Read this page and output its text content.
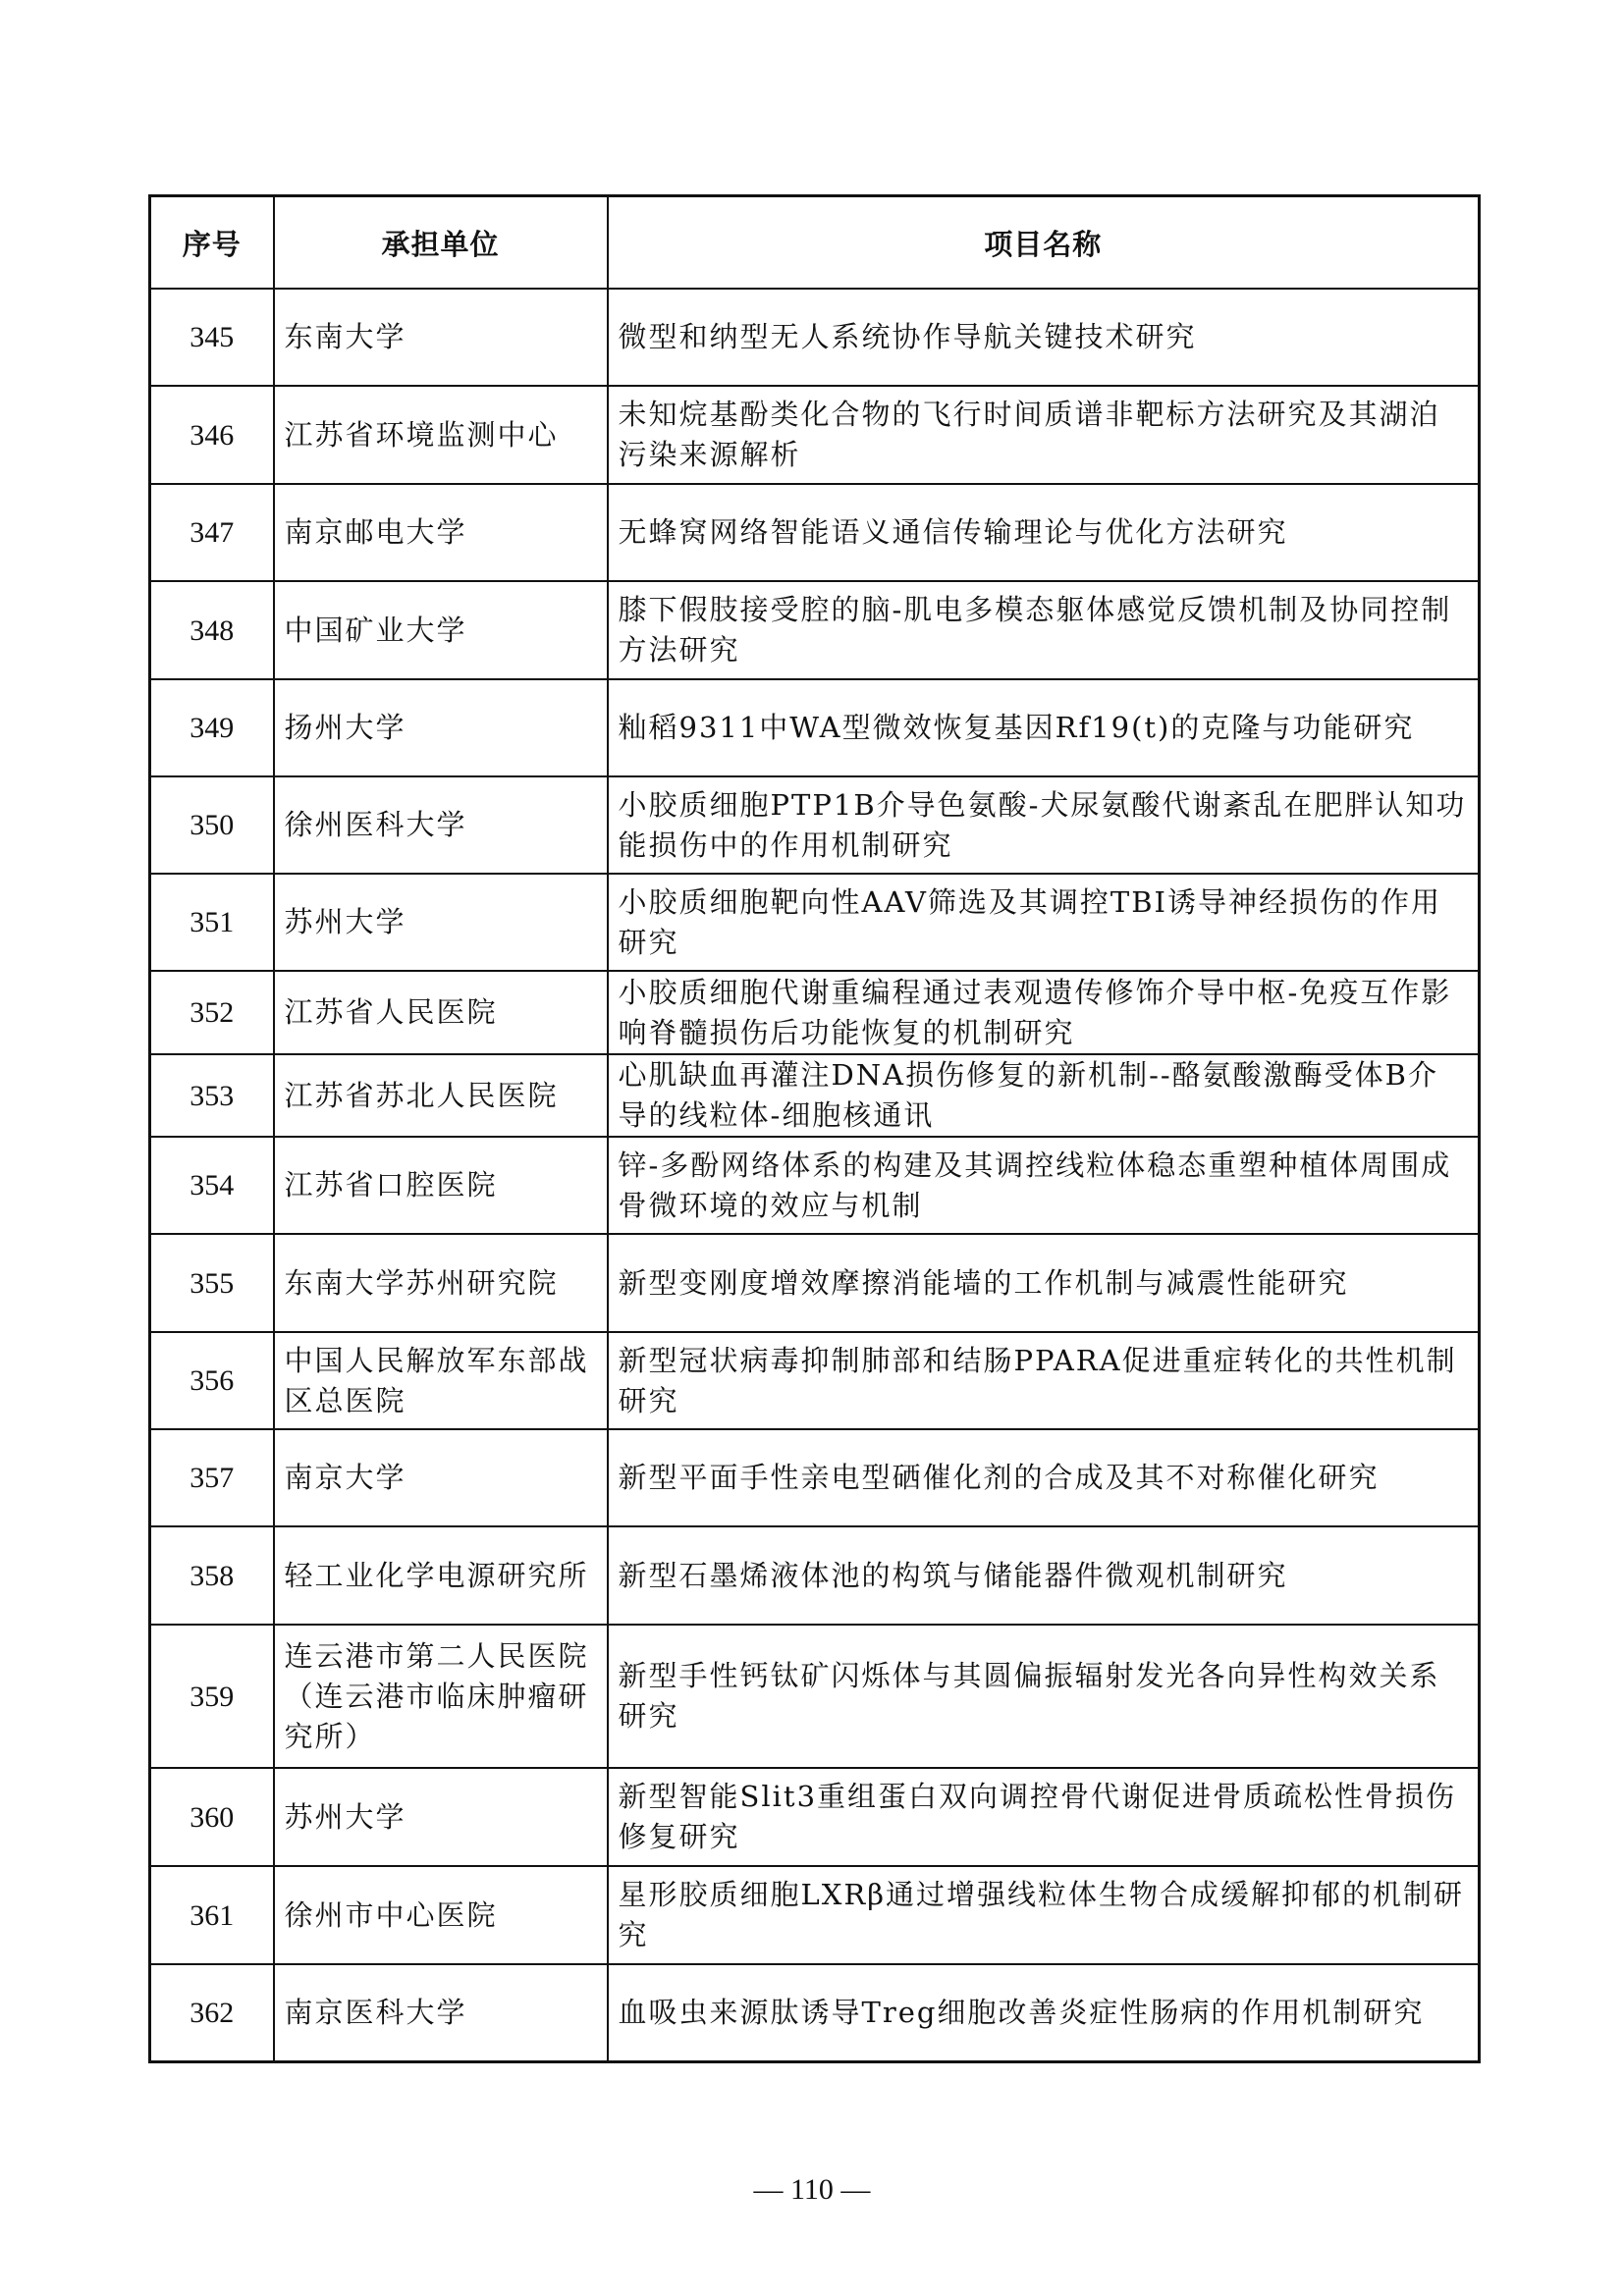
序号	承担单位	项目名称
345	东南大学	微型和纳型无人系统协作导航关键技术研究
346	江苏省环境监测中心	未知烷基酚类化合物的飞行时间质谱非靶标方法研究及其湖泊污染来源解析
347	南京邮电大学	无蜂窝网络智能语义通信传输理论与优化方法研究
348	中国矿业大学	膝下假肢接受腔的脑-肌电多模态躯体感觉反馈机制及协同控制方法研究
349	扬州大学	籼稻9311中WA型微效恢复基因Rf19(t)的克隆与功能研究
350	徐州医科大学	小胶质细胞PTP1B介导色氨酸-犬尿氨酸代谢紊乱在肥胖认知功能损伤中的作用机制研究
351	苏州大学	小胶质细胞靶向性AAV筛选及其调控TBI诱导神经损伤的作用研究
352	江苏省人民医院	小胶质细胞代谢重编程通过表观遗传修饰介导中枢-免疫互作影响脊髓损伤后功能恢复的机制研究
353	江苏省苏北人民医院	心肌缺血再灌注DNA损伤修复的新机制--酪氨酸激酶受体B介导的线粒体-细胞核通讯
354	江苏省口腔医院	锌-多酚网络体系的构建及其调控线粒体稳态重塑种植体周围成骨微环境的效应与机制
355	东南大学苏州研究院	新型变刚度增效摩擦消能墙的工作机制与减震性能研究
356	中国人民解放军东部战区总医院	新型冠状病毒抑制肺部和结肠PPARA促进重症转化的共性机制研究
357	南京大学	新型平面手性亲电型硒催化剂的合成及其不对称催化研究
358	轻工业化学电源研究所	新型石墨烯液体池的构筑与储能器件微观机制研究
359	连云港市第二人民医院（连云港市临床肿瘤研究所）	新型手性钙钛矿闪烁体与其圆偏振辐射发光各向异性构效关系研究
360	苏州大学	新型智能Slit3重组蛋白双向调控骨代谢促进骨质疏松性骨损伤修复研究
361	徐州市中心医院	星形胶质细胞LXRβ通过增强线粒体生物合成缓解抑郁的机制研究
362	南京医科大学	血吸虫来源肽诱导Treg细胞改善炎症性肠病的作用机制研究
— 110 —
